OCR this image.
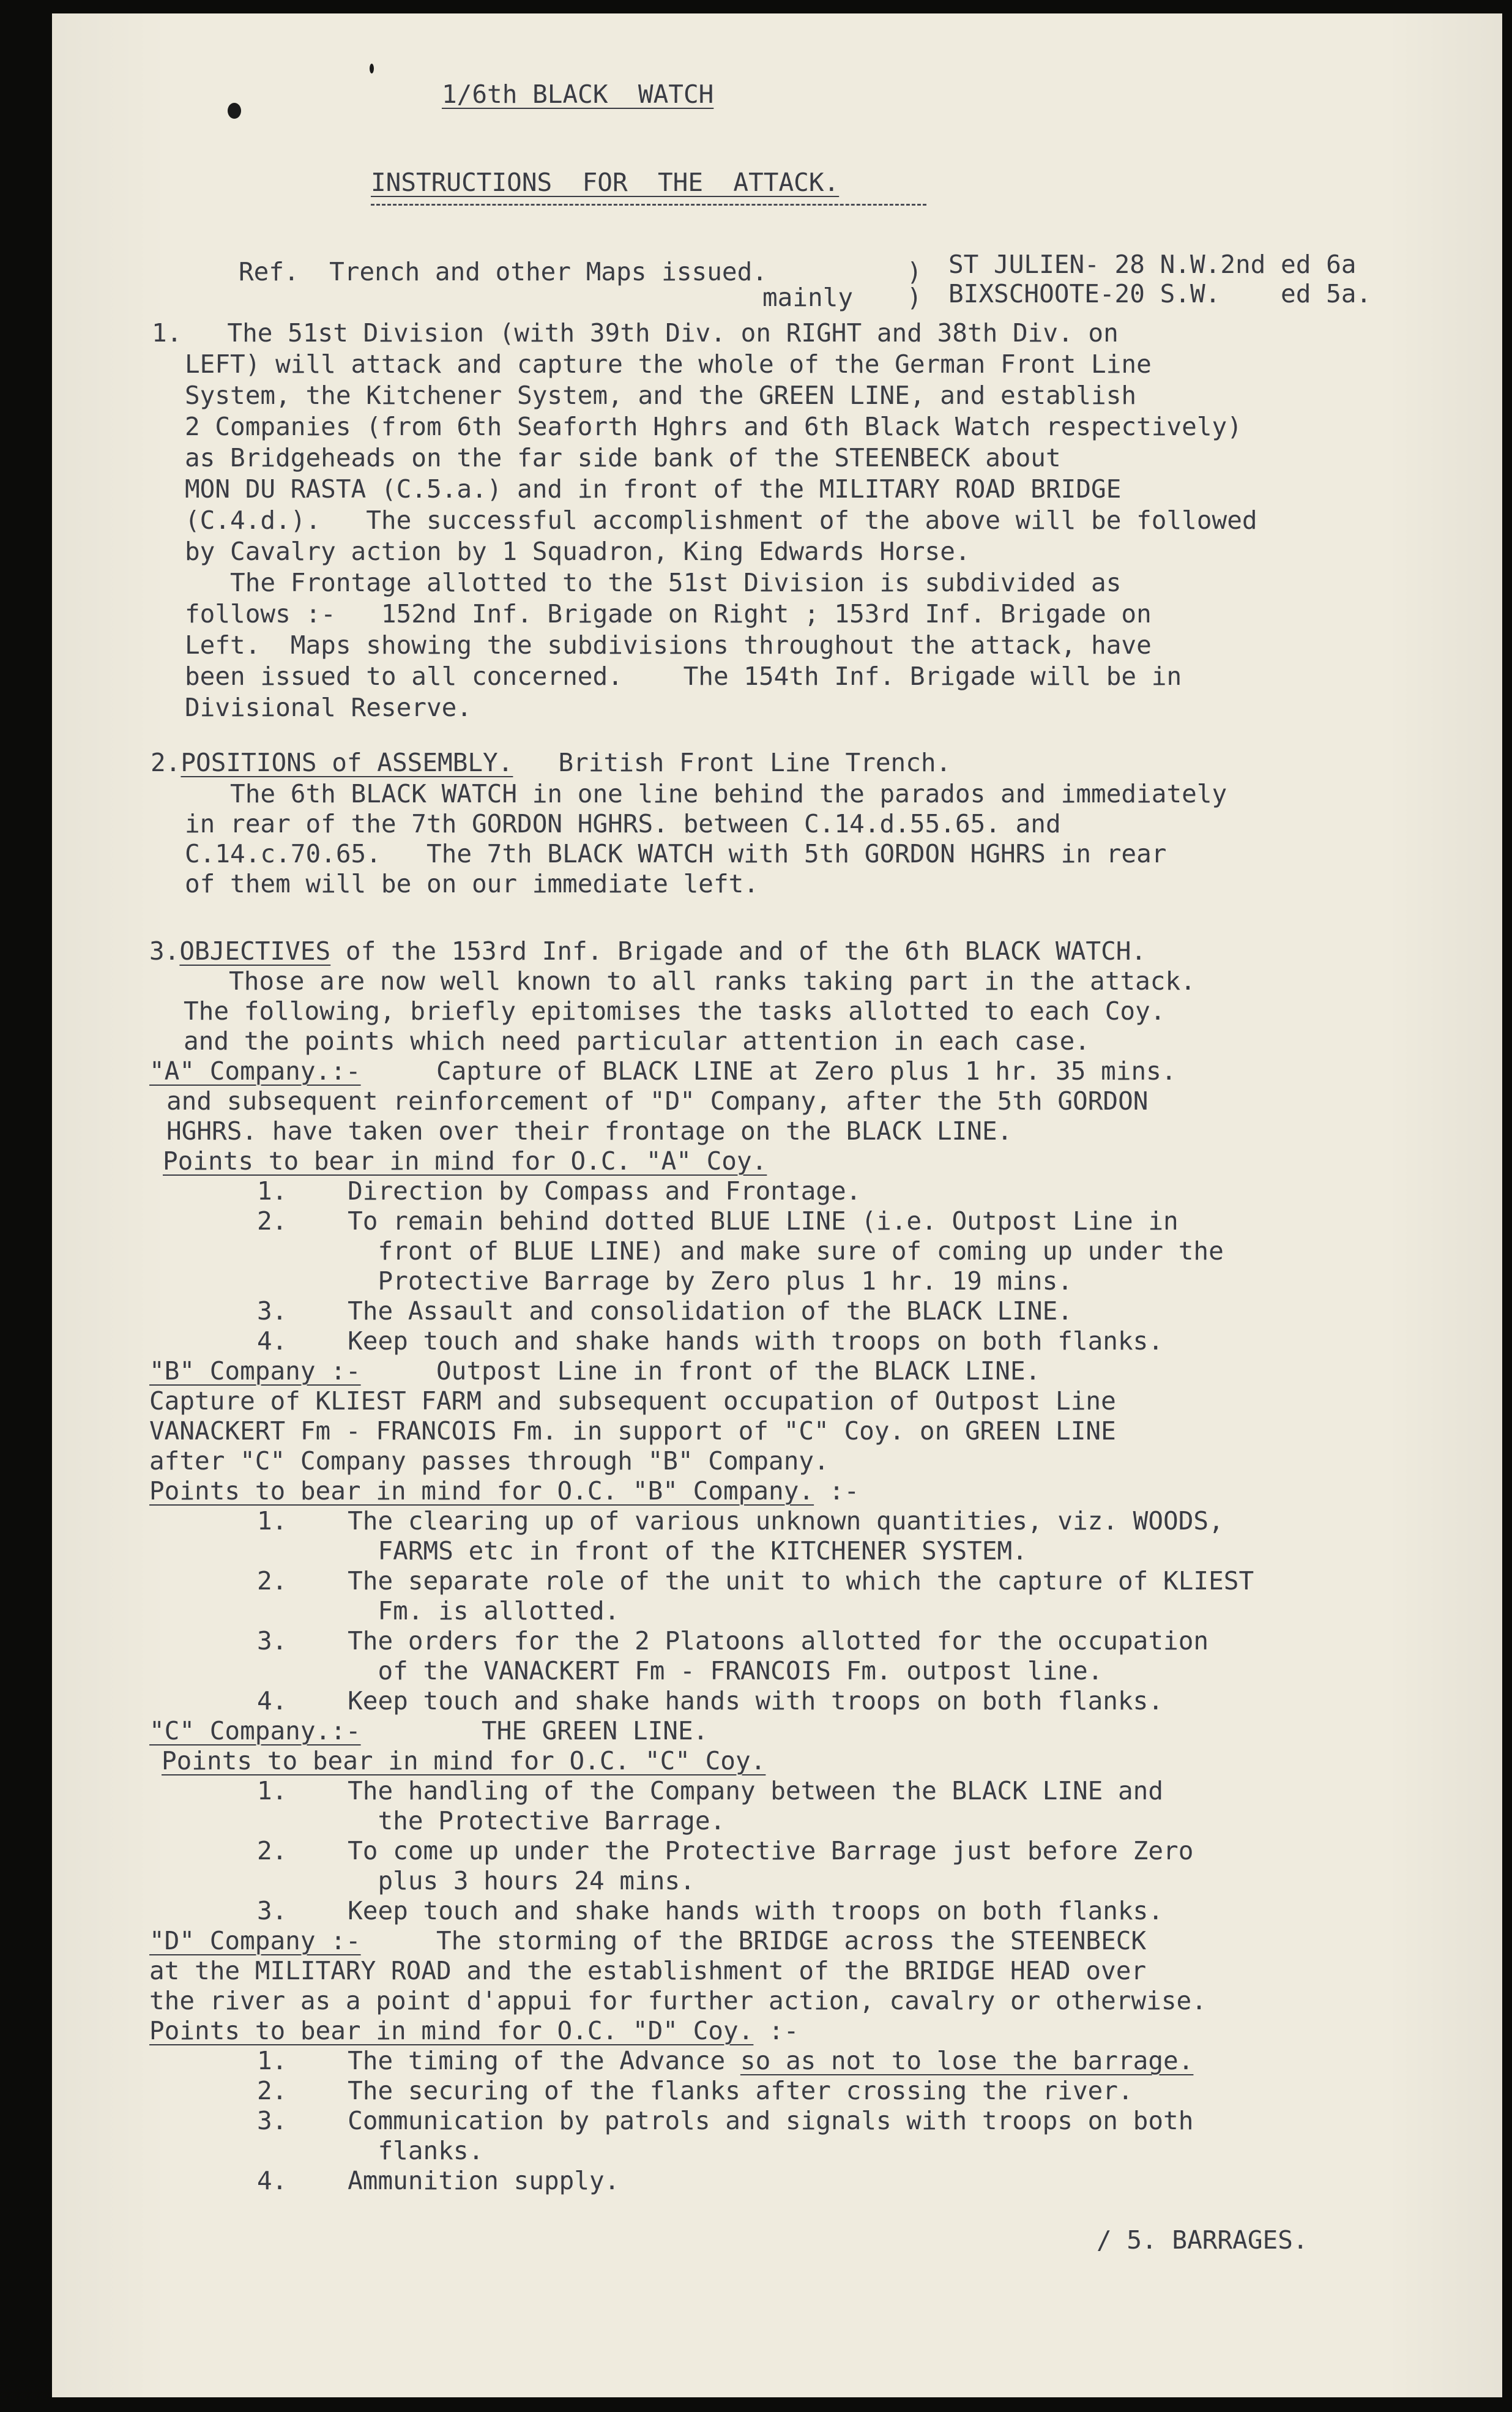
1/6th BLACK  WATCH
INSTRUCTIONS  FOR  THE  ATTACK.
Ref.  Trench and other Maps issued.
mainly
)
)
ST JULIEN- 28 N.W.2nd ed 6a
BIXSCHOOTE-20 S.W.    ed 5a.
1.   The 51st Division (with 39th Div. on RIGHT and 38th Div. on
LEFT) will attack and capture the whole of the German Front Line
System, the Kitchener System, and the GREEN LINE, and establish
2 Companies (from 6th Seaforth Hghrs and 6th Black Watch respectively)
as Bridgeheads on the far side bank of the STEENBECK about
MON DU RASTA (C.5.a.) and in front of the MILITARY ROAD BRIDGE
(C.4.d.).   The successful accomplishment of the above will be followed
by Cavalry action by 1 Squadron, King Edwards Horse.
The Frontage allotted to the 51st Division is subdivided as
follows :-   152nd Inf. Brigade on Right ; 153rd Inf. Brigade on
Left.  Maps showing the subdivisions throughout the attack, have
been issued to all concerned.    The 154th Inf. Brigade will be in
Divisional Reserve.
2.POSITIONS of ASSEMBLY.   British Front Line Trench.
The 6th BLACK WATCH in one line behind the parados and immediately
in rear of the 7th GORDON HGHRS. between C.14.d.55.65. and
C.14.c.70.65.   The 7th BLACK WATCH with 5th GORDON HGHRS in rear
of them will be on our immediate left.
3.OBJECTIVES of the 153rd Inf. Brigade and of the 6th BLACK WATCH.
Those are now well known to all ranks taking part in the attack.
The following, briefly epitomises the tasks allotted to each Coy.
and the points which need particular attention in each case.
"A" Company.:-     Capture of BLACK LINE at Zero plus 1 hr. 35 mins.
and subsequent reinforcement of "D" Company, after the 5th GORDON
HGHRS. have taken over their frontage on the BLACK LINE.
Points to bear in mind for O.C. "A" Coy.
1.    Direction by Compass and Frontage.
2.    To remain behind dotted BLUE LINE (i.e. Outpost Line in
front of BLUE LINE) and make sure of coming up under the
Protective Barrage by Zero plus 1 hr. 19 mins.
3.    The Assault and consolidation of the BLACK LINE.
4.    Keep touch and shake hands with troops on both flanks.
"B" Company :-     Outpost Line in front of the BLACK LINE.
Capture of KLIEST FARM and subsequent occupation of Outpost Line
VANACKERT Fm - FRANCOIS Fm. in support of "C" Coy. on GREEN LINE
after "C" Company passes through "B" Company.
Points to bear in mind for O.C. "B" Company. :-
1.    The clearing up of various unknown quantities, viz. WOODS,
FARMS etc in front of the KITCHENER SYSTEM.
2.    The separate role of the unit to which the capture of KLIEST
Fm. is allotted.
3.    The orders for the 2 Platoons allotted for the occupation
of the VANACKERT Fm - FRANCOIS Fm. outpost line.
4.    Keep touch and shake hands with troops on both flanks.
"C" Company.:-        THE GREEN LINE.
Points to bear in mind for O.C. "C" Coy.
1.    The handling of the Company between the BLACK LINE and
the Protective Barrage.
2.    To come up under the Protective Barrage just before Zero
plus 3 hours 24 mins.
3.    Keep touch and shake hands with troops on both flanks.
"D" Company :-     The storming of the BRIDGE across the STEENBECK
at the MILITARY ROAD and the establishment of the BRIDGE HEAD over
the river as a point d'appui for further action, cavalry or otherwise.
Points to bear in mind for O.C. "D" Coy. :-
1.    The timing of the Advance so as not to lose the barrage.
2.    The securing of the flanks after crossing the river.
3.    Communication by patrols and signals with troops on both
flanks.
4.    Ammunition supply.
/ 5. BARRAGES.
